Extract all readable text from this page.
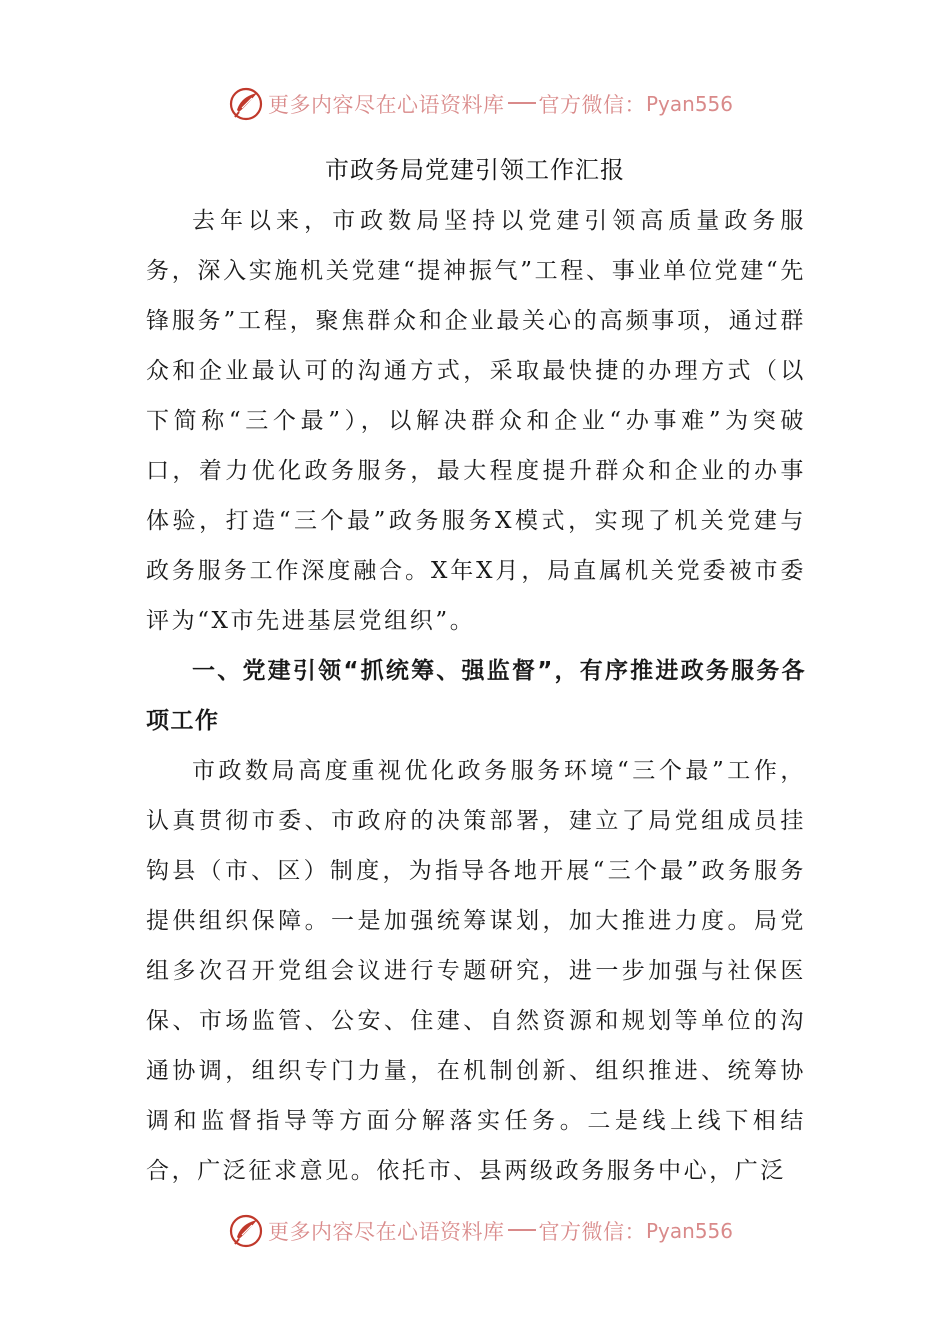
更多内容尽在心语资料库 官方微信： Pyan556
市政务局党建引领工作汇报

去年以来，市政数局坚持以党建引领高质量政务服务，深入实施机关党建“提神振气”工程、事业单位党建“先锋服务”工程，聚焦群众和企业最关心的高频事项，通过群众和企业最认可的沟通方式，采取最快捷的办理方式（以下简称“三个最”），以解决群众和企业“办事难”为突破口，着力优化政务服务，最大程度提升群众和企业的办事体验，打造“三个最”政务服务X模式，实现了机关党建与政务服务工作深度融合。X年X月，局直属机关党委被市委评为“X市先进基层党组织”。

一、党建引领“抓统筹、强监督”，有序推进政务服务各项工作

市政数局高度重视优化政务服务环境“三个最”工作，认真贯彻市委、市政府的决策部署，建立了局党组成员挂钩县（市、区）制度，为指导各地开展“三个最”政务服务提供组织保障。一是加强统筹谋划，加大推进力度。局党组多次召开党组会议进行专题研究，进一步加强与社保医保、市场监管、公安、住建、自然资源和规划等单位的沟通协调，组织专门力量，在机制创新、组织推进、统筹协调和监督指导等方面分解落实任务。二是线上线下相结合，广泛征求意见。依托市、县两级政务服务中心，广泛

更多内容尽在心语资料库 官方微信： Pyan556
